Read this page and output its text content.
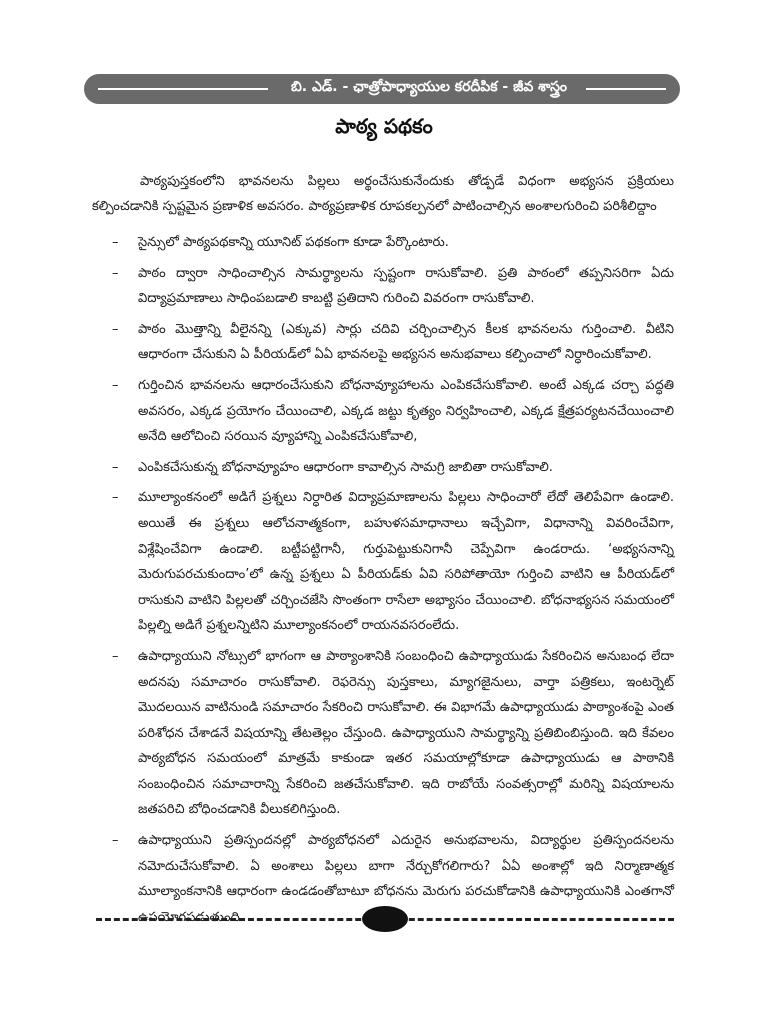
బి. ఎడ్. - ఛాత్రోపాధ్యాయుల కరదీపిక - జీవ శాస్త్రం
పాఠ్య పథకం

పాఠ్యపుస్తకంలోని భావనలను పిల్లలు అర్థంచేసుకునేందుకు తోడ్పడే విధంగా అభ్యసన ప్రక్రియలు కల్పించడానికి స్పష్టమైన ప్రణాళిక అవసరం. పాఠ్యప్రణాళిక రూపకల్పనలో పాటించాల్సిన అంశాలగురించి పరిశీలిద్దాం

– సైన్సులో పాఠ్యపథకాన్ని యూనిట్ పథకంగా కూడా పేర్కొంటారు.
– పాఠం ద్వారా సాధించాల్సిన సామర్థ్యాలను స్పష్టంగా రాసుకోవాలి. ప్రతి పాఠంలో తప్పనిసరిగా ఏదు విద్యాప్రమాణాలు సాధింపబడాలి కాబట్టి ప్రతిదాని గురించి వివరంగా రాసుకోవాలి.
– పాఠం మొత్తాన్ని వీలైనన్ని (ఎక్కువ) సార్లు చదివి చర్చించాల్సిన కీలక భావనలను గుర్తించాలి. వీటిని ఆధారంగా చేసుకుని ఏ పీరియడ్‌లో ఏఏ భావనలపై అభ్యసన అనుభవాలు కల్పించాలో నిర్ధారించుకోవాలి.
– గుర్తించిన భావనలను ఆధారంచేసుకుని బోధనావ్యూహాలను ఎంపికచేసుకోవాలి. అంటే ఎక్కడ చర్చా పద్ధతి అవసరం, ఎక్కడ ప్రయోగం చేయించాలి, ఎక్కడ జట్టు కృత్యం నిర్వహించాలి, ఎక్కడ క్షేత్రపర్యటనచేయించాలి అనేది ఆలోచించి సరయిన వ్యూహాన్ని ఎంపికచేసుకోవాలి,
– ఎంపికచేసుకున్న బోధనావ్యూహం ఆధారంగా కావాల్సిన సామగ్రి జాబితా రాసుకోవాలి.
– మూల్యాంకనంలో అడిగే ప్రశ్నలు నిర్ధారిత విద్యాప్రమాణాలను పిల్లలు సాధించారో లేదో తెలిపేవిగా ఉండాలి. అయితే ఈ ప్రశ్నలు ఆలోచనాత్మకంగా, బహుళసమాధానాలు ఇచ్చేవిగా, విధానాన్ని వివరించేవిగా, విశ్లేషించేవిగా ఉండాలి. బట్టీపట్టిగానీ, గుర్తుపెట్టుకునిగానీ చెప్పేవిగా ఉండరాదు. ‘అభ్యసనాన్ని మెరుగుపరచుకుందాం’లో ఉన్న ప్రశ్నలు ఏ పీరియడ్‌కు ఏవి సరిపోతాయో గుర్తించి వాటిని ఆ పీరియడ్‌లో రాసుకుని వాటిని పిల్లలతో చర్చించజేసి సొంతంగా రాసేలా అభ్యాసం చేయించాలి. బోధనాభ్యసన సమయంలో పిల్లల్ని అడిగే ప్రశ్నలన్నిటిని మూల్యాంకనంలో రాయనవసరంలేదు.
– ఉపాధ్యాయుని నోట్సులో భాగంగా ఆ పాఠ్యాంశానికి సంబంధించి ఉపాధ్యాయుడు సేకరించిన అనుబంధ లేదా అదనపు సమాచారం రాసుకోవాలి. రెఫరెన్సు పుస్తకాలు, మ్యాగజైనులు, వార్తా పత్రికలు, ఇంటర్నెట్ మొదలయిన వాటినుండి సమాచారం సేకరించి రాసుకోవాలి. ఈ విభాగమే ఉపాధ్యాయుడు పాఠ్యాంశంపై ఎంత పరిశోధన చేశాడనే విషయాన్ని తేటతెల్లం చేస్తుంది. ఉపాధ్యాయుని సామర్థ్యాన్ని ప్రతిబింబిస్తుంది. ఇది కేవలం పాఠ్యబోధన సమయంలో మాత్రమే కాకుండా ఇతర సమయాల్లోకూడా ఉపాధ్యాయుడు ఆ పాఠానికి సంబంధించిన సమాచారాన్ని సేకరించి జతచేసుకోవాలి. ఇది రాబోయే సంవత్సరాల్లో మరిన్ని విషయాలను జతపరిచి బోధించడానికి వీలుకలిగిస్తుంది.
– ఉపాధ్యాయుని ప్రతిస్పందనల్లో పాఠ్యబోధనలో ఎదురైన అనుభవాలను, విద్యార్థుల ప్రతిస్పందనలను నమోదుచేసుకోవాలి. ఏ అంశాలు పిల్లలు బాగా నేర్చుకోగలిగారు? ఏఏ అంశాల్లో ఇది నిర్మాణాత్మక మూల్యాంకనానికి ఆధారంగా ఉండడంతోబాటూ బోధనను మెరుగు పరచుకోడానికి ఉపాధ్యాయునికి ఎంతగానో ఉపయోగపడుతుంది.
